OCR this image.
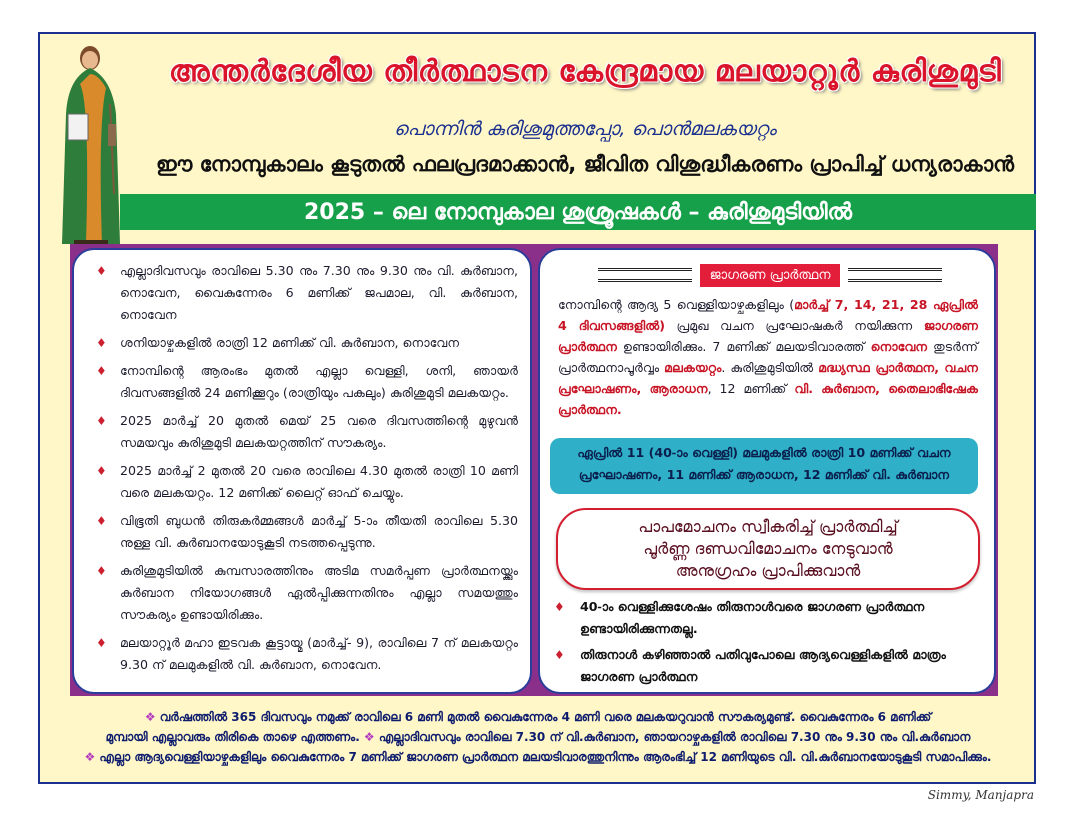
അന്തർദേശീയ തീർത്ഥാടന കേന്ദ്രമായ മലയാറ്റൂർ കുരിശുമുടി
പൊന്നിൻ കുരിശുമുത്തപ്പോ, പൊൻമലകയറ്റം
ഈ നോമ്പുകാലം കൂടുതൽ ഫലപ്രദമാക്കാൻ, ജീവിത വിശുദ്ധീകരണം പ്രാപിച്ച് ധന്യരാകാൻ
2025 – ലെ നോമ്പുകാല ശുശ്രൂഷകൾ – കുരിശുമുടിയിൽ
♦ എല്ലാദിവസവും രാവിലെ 5.30 നും 7.30 നും 9.30 നും വി. കുർബാന, നൊവേന, വൈകുന്നേരം 6 മണിക്ക് ജപമാല, വി. കുർബാന, നൊവേന
♦ ശനിയാഴ്ചകളിൽ രാത്രി 12 മണിക്ക് വി. കുർബാന, നൊവേന
♦ നോമ്പിന്റെ ആരംഭം മുതൽ എല്ലാ വെള്ളി, ശനി, ഞായർ ദിവസങ്ങളിൽ 24 മണിക്കൂറും (രാത്രിയും പകലും) കുരിശുമുടി മലകയറ്റം.
♦ 2025 മാർച്ച് 20 മുതൽ മെയ് 25 വരെ ദിവസത്തിന്റെ മുഴുവൻ സമയവും കുരിശുമുടി മലകയറ്റത്തിന് സൗകര്യം.
♦ 2025 മാർച്ച് 2 മുതൽ 20 വരെ രാവിലെ 4.30 മുതൽ രാത്രി 10 മണി വരെ മലകയറ്റം. 12 മണിക്ക് ലൈറ്റ് ഓഫ് ചെയ്യും.
♦ വിഭൂതി ബുധൻ തിരുകർമ്മങ്ങൾ മാർച്ച് 5-ാം തീയതി രാവിലെ 5.30 നുള്ള വി. കുർബാനയോടുകൂടി നടത്തപ്പെടുന്നു.
♦ കുരിശുമുടിയിൽ കുമ്പസാരത്തിനും അടിമ സമർപ്പണ പ്രാർത്ഥനയ്ക്കും കുർബാന നിയോഗങ്ങൾ ഏൽപ്പിക്കുന്നതിനും എല്ലാ സമയത്തും സൗകര്യം ഉണ്ടായിരിക്കും.
♦ മലയാറ്റൂർ മഹാ ഇടവക കൂട്ടായ്മ (മാർച്ച്- 9), രാവിലെ 7 ന് മലകയറ്റം 9.30 ന് മലമുകളിൽ വി. കുർബാന, നൊവേന.
ജാഗരണ പ്രാർത്ഥന
നോമ്പിന്റെ ആദ്യ 5 വെള്ളിയാഴ്ചകളിലും (മാർച്ച് 7, 14, 21, 28 ഏപ്രിൽ 4 ദിവസങ്ങളിൽ) പ്രമുഖ വചന പ്രഘോഷകർ നയിക്കുന്ന ജാഗരണ പ്രാർത്ഥന ഉണ്ടായിരിക്കും. 7 മണിക്ക് മലയടിവാരത്ത് നൊവേന തുടർന്ന് പ്രാർത്ഥനാപൂർവ്വം മലകയറ്റം. കുരിശുമുടിയിൽ മദ്ധ്യസ്ഥ പ്രാർത്ഥന, വചന പ്രഘോഷണം, ആരാധന, 12 മണിക്ക് വി. കുർബാന, തൈലാഭിഷേക പ്രാർത്ഥന.
ഏപ്രിൽ 11 (40-ാം വെള്ളി) മലമുകളിൽ രാത്രി 10 മണിക്ക് വചന
പ്രഘോഷണം, 11 മണിക്ക് ആരാധന, 12 മണിക്ക് വി. കുർബാന
പാപമോചനം സ്വീകരിച്ച് പ്രാർത്ഥിച്ച്
പൂർണ്ണ ദണ്ഡവിമോചനം നേടുവാൻ
അനുഗ്രഹം പ്രാപിക്കുവാൻ
♦ 40-ാം വെള്ളിക്കുശേഷം തിരുനാൾവരെ ജാഗരണ പ്രാർത്ഥന ഉണ്ടായിരിക്കുന്നതല്ല.
♦ തിരുനാൾ കഴിഞ്ഞാൽ പതിവുപോലെ ആദ്യവെള്ളികളിൽ മാത്രം ജാഗരണ പ്രാർത്ഥന
❖ വർഷത്തിൽ 365 ദിവസവും നമുക്ക് രാവിലെ 6 മണി മുതൽ വൈകുന്നേരം 4 മണി വരെ മലകയറുവാൻ സൗകര്യമുണ്ട്. വൈകുന്നേരം 6 മണിക്ക്
മുമ്പായി എല്ലാവരും തിരികെ താഴെ എത്തണം. ❖ എല്ലാദിവസവും രാവിലെ 7.30 ന് വി.കുർബാന, ഞായറാഴ്ചകളിൽ രാവിലെ 7.30 നും 9.30 നും വി.കുർബാന
❖ എല്ലാ ആദ്യവെള്ളിയാഴ്ചകളിലും വൈകുന്നേരം 7 മണിക്ക് ജാഗരണ പ്രാർത്ഥന മലയടിവാരത്തുനിന്നും ആരംഭിച്ച് 12 മണിയുടെ വി. വി.കുർബാനയോടുകൂടി സമാപിക്കും.
Simmy, Manjapra
